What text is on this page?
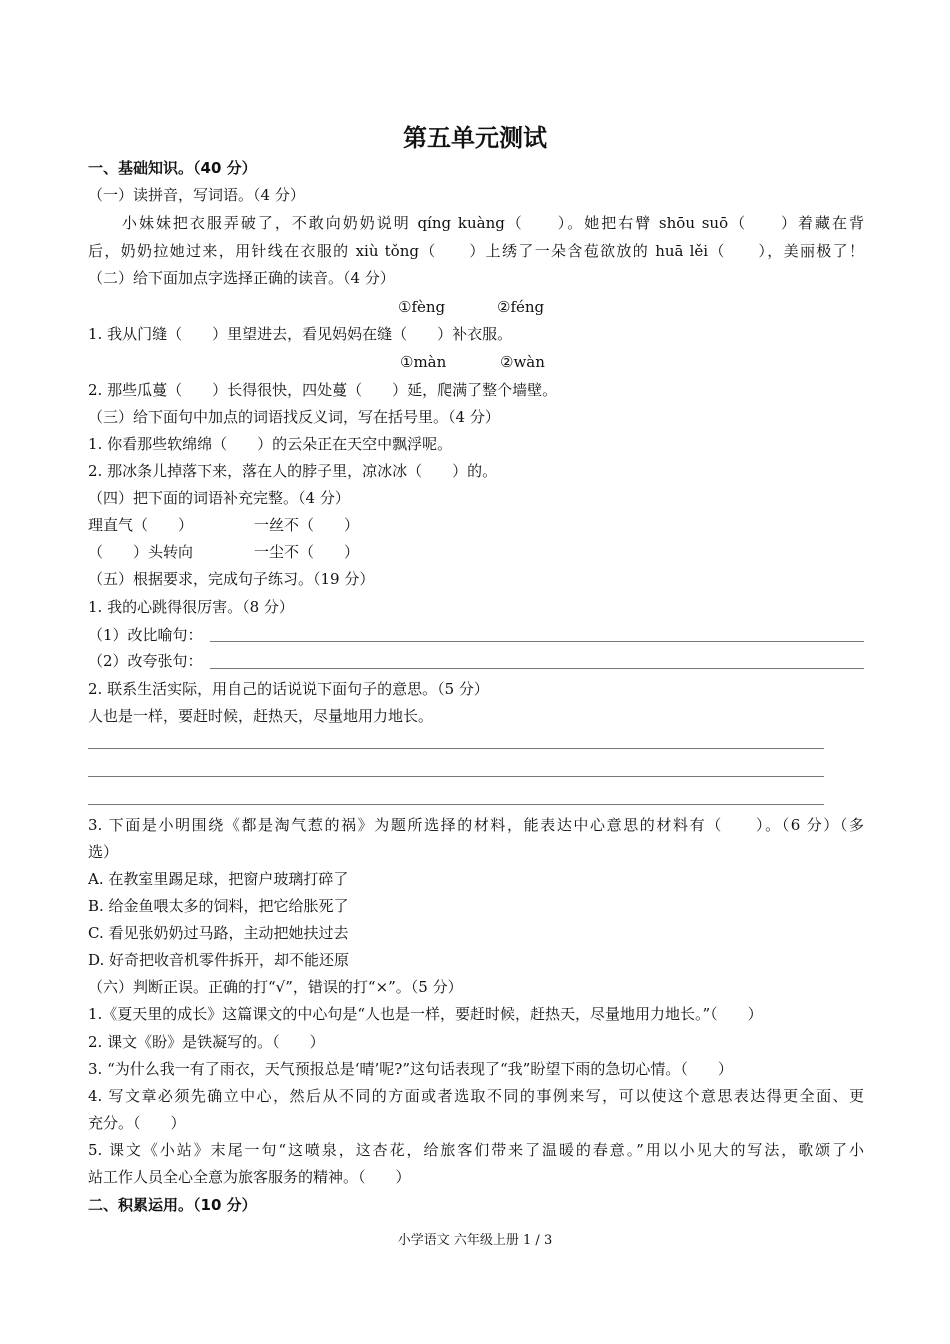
第五单元测试
一、基础知识。（40 分）
（一）读拼音，写词语。（4 分）
　　小妹妹把衣服弄破了，不敢向奶奶说明 qíng kuàng（　　）。她把右臂 shōu suō（　　）着藏在背
后，奶奶拉她过来，用针线在衣服的 xiù tǒng（　　）上绣了一朵含苞欲放的 huā lěi（　　），美丽极了！
（二）给下面加点字选择正确的读音。（4 分）
①fèng	②féng
1. 我从门缝（　　）里望进去，看见妈妈在缝（　　）补衣服。
①màn	②wàn
2. 那些瓜蔓（　　）长得很快，四处蔓（　　）延，爬满了整个墙壁。
（三）给下面句中加点的词语找反义词，写在括号里。（4 分）
1. 你看那些软绵绵（　　）的云朵正在天空中飘浮呢。
2. 那冰条儿掉落下来，落在人的脖子里，凉冰冰（　　）的。
（四）把下面的词语补充完整。（4 分）
理直气（　　）	一丝不（　　）
（　　）头转向	一尘不（　　）
（五）根据要求，完成句子练习。（19 分）
1. 我的心跳得很厉害。（8 分）
（1）改比喻句：
（2）改夸张句：
2. 联系生活实际，用自己的话说说下面句子的意思。（5 分）
人也是一样，要赶时候，赶热天，尽量地用力地长。
3. 下面是小明围绕《都是淘气惹的祸》为题所选择的材料，能表达中心意思的材料有（　　）。（6 分）（多
选）
A. 在教室里踢足球，把窗户玻璃打碎了
B. 给金鱼喂太多的饲料，把它给胀死了
C. 看见张奶奶过马路，主动把她扶过去
D. 好奇把收音机零件拆开，却不能还原
（六）判断正误。正确的打“√”，错误的打“×”。（5 分）
1.《夏天里的成长》这篇课文的中心句是“人也是一样，要赶时候，赶热天，尽量地用力地长。”（　　）
2. 课文《盼》是铁凝写的。（　　）
3. “为什么我一有了雨衣，天气预报总是‘晴’呢?”这句话表现了“我”盼望下雨的急切心情。（　　）
4. 写文章必须先确立中心，然后从不同的方面或者选取不同的事例来写，可以使这个意思表达得更全面、更
充分。（　　）
5. 课文《小站》末尾一句“这喷泉，这杏花，给旅客们带来了温暖的春意。”用以小见大的写法，歌颂了小
站工作人员全心全意为旅客服务的精神。（　　）
二、积累运用。（10 分）
小学语文 六年级上册 1 / 3
